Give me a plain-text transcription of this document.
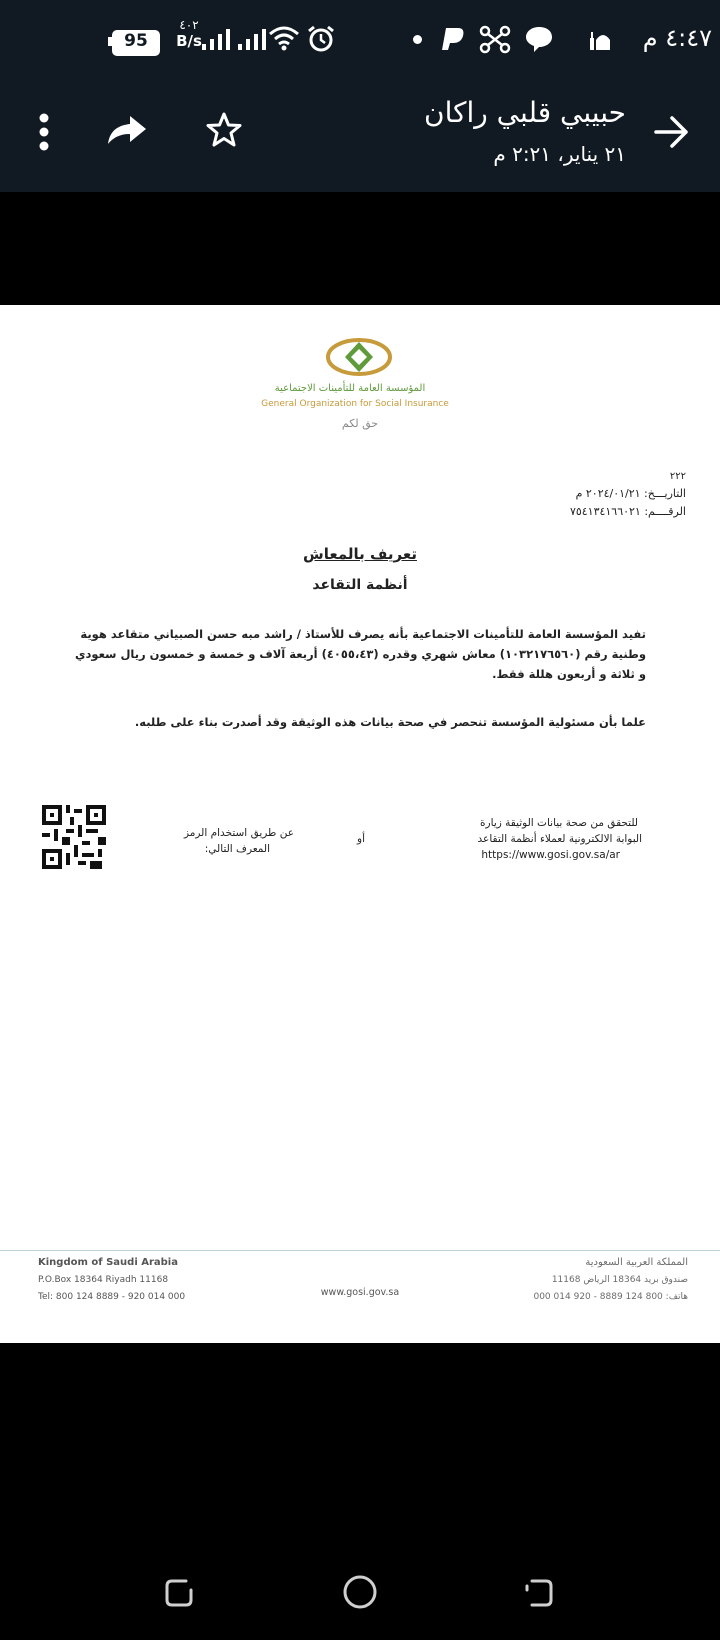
95
٤٠٢
B/s	٤:٤٧ م
حبيبي قلبي راكان
٢١ يناير، ٢:٢١ م
المؤسسة العامة للتأمينات الاجتماعية
General Organization for Social Insurance
حق لكم
٢٢٢
التاريـــخ: ٢٠٢٤/٠١/٢١ م
الرقــــم: ٧٥٤١٣٤١٦٦٠٢١
تعريف بالمعاش
أنظمة التقاعد
تفيد المؤسسة العامة للتأمينات الاجتماعية بأنه يصرف للأستاذ / راشد مبه حسن الصبياني متقاعد هوية
وطنية رقم (١٠٣٢١٧٦٥٦٠) معاش شهري وقدره (٤٠٥٥،٤٣) أربعة آلاف و خمسة و خمسون ريال سعودي
و ثلاثة و أربعون هللة فقط.
علما بأن مسئولية المؤسسة تنحصر في صحة بيانات هذه الوثيقة وقد أصدرت بناء على طلبه.
للتحقق من صحة بيانات الوثيقة زيارة
البوابة الالكترونية لعملاء أنظمة التقاعد
https://www.gosi.gov.sa/ar
أو
عن طريق استخدام الرمز
المعرف التالي:
Kingdom of Saudi Arabia
P.O.Box 18364 Riyadh 11168
Tel: 800 124 8889 - 920 014 000	www.gosi.gov.sa
المملكة العربية السعودية
صندوق بريد 18364 الرياض 11168
هاتف: 800 124 8889 - 920 014 000
